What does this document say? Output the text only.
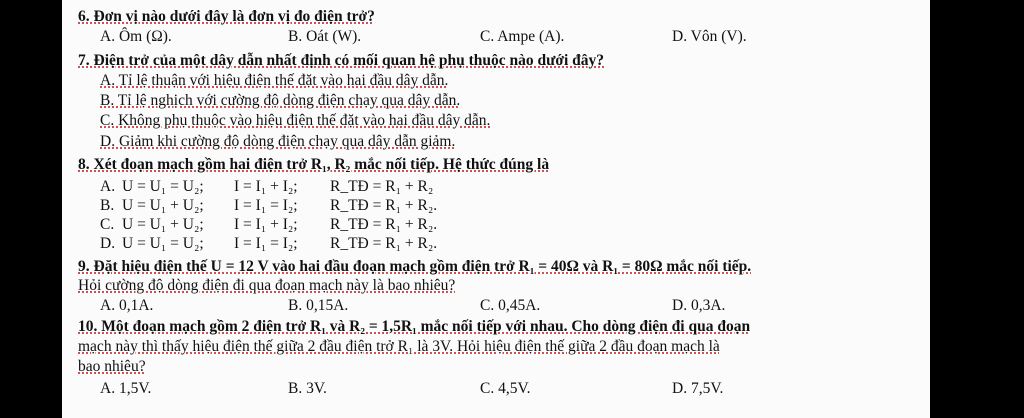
6. Đơn vị nào dưới đây là đơn vị đo điện trở?
A. Ôm (Ω).	B. Oát (W).	C. Ampe (A).	D. Vôn (V).
7. Điện trở của một dây dẫn nhất định có mối quan hệ phụ thuộc nào dưới đây?
A. Tỉ lệ thuận với hiệu điện thế đặt vào hai đầu dây dẫn.
B. Tỉ lệ nghịch với cường độ dòng điện chạy qua dây dẫn.
C. Không phụ thuộc vào hiệu điện thế đặt vào hai đầu dây dẫn.
D. Giảm khi cường độ dòng điện chạy qua dây dẫn giảm.
8. Xét đoạn mạch gồm hai điện trở R₁, R₂ mắc nối tiếp. Hệ thức đúng là
A. U = U₁ = U₂; I = I₁ + I₂; R_TĐ = R₁ + R₂
B. U = U₁ + U₂; I = I₁ = I₂; R_TĐ = R₁ + R₂.
C. U = U₁ + U₂; I = I₁ + I₂; R_TĐ = R₁ + R₂.
D. U = U₁ = U₂; I = I₁ = I₂; R_TĐ = R₁ + R₂.
9. Đặt hiệu điện thế U = 12 V vào hai đầu đoạn mạch gồm điện trở R₁ = 40Ω và R₁ = 80Ω mắc nối tiếp.
Hỏi cường độ dòng điện đi qua đoạn mạch này là bao nhiêu?
A. 0,1A.	B. 0,15A.	C. 0,45A.	D. 0,3A.
10. Một đoạn mạch gồm 2 điện trở R₁ và R₂ = 1,5R₁ mắc nối tiếp với nhau. Cho dòng điện đi qua đoạn
mạch này thì thấy hiệu điện thế giữa 2 đầu điện trở R₁ là 3V. Hỏi hiệu điện thế giữa 2 đầu đoạn mạch là
bao nhiêu?
A. 1,5V.	B. 3V.	C. 4,5V.	D. 7,5V.
